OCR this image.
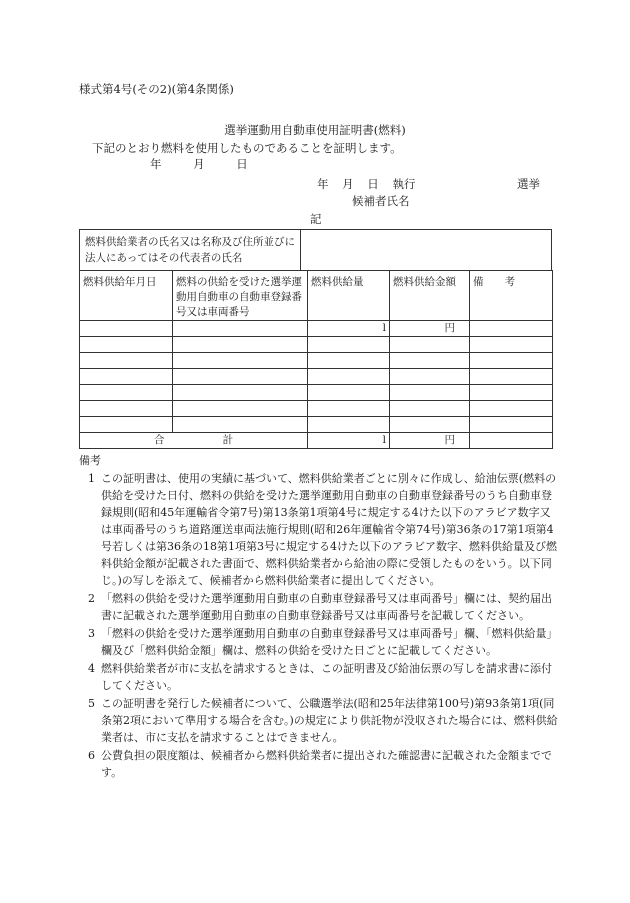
様式第4号(その2)(第4条関係)
選挙運動用自動車使用証明書(燃料)
下記のとおり燃料を使用したものであることを証明します。
年 月 日
年 月 日 執行	選挙
候補者氏名
記
燃料供給業者の氏名又は名称及び住所並びに法人にあってはその代表者の氏名
燃料供給年月日	燃料の供給を受けた選挙運動用自動車の自動車登録番号又は車両番号	燃料供給量	燃料供給金額	備　　考
		l	円	

合 計		l	円	
備考
1 この証明書は、使用の実績に基づいて、燃料供給業者ごとに別々に作成し、給油伝票(燃料の供給を受けた日付、燃料の供給を受けた選挙運動用自動車の自動車登録番号のうち自動車登録規則(昭和45年運輸省令第7号)第13条第1項第4号に規定する4けた以下のアラビア数字又は車両番号のうち道路運送車両法施行規則(昭和26年運輸省令第74号)第36条の17第1項第4号若しくは第36条の18第1項第3号に規定する4けた以下のアラビア数字、燃料供給量及び燃料供給金額が記載された書面で、燃料供給業者から給油の際に受領したものをいう。以下同じ。)の写しを添えて、候補者から燃料供給業者に提出してください。
2 「燃料の供給を受けた選挙運動用自動車の自動車登録番号又は車両番号」欄には、契約届出書に記載された選挙運動用自動車の自動車登録番号又は車両番号を記載してください。
3 「燃料の供給を受けた選挙運動用自動車の自動車登録番号又は車両番号」欄、「燃料供給量」欄及び「燃料供給金額」欄は、燃料の供給を受けた日ごとに記載してください。
4 燃料供給業者が市に支払を請求するときは、この証明書及び給油伝票の写しを請求書に添付してください。
5 この証明書を発行した候補者について、公職選挙法(昭和25年法律第100号)第93条第1項(同条第2項において準用する場合を含む。)の規定により供託物が没収された場合には、燃料供給業者は、市に支払を請求することはできません。
6 公費負担の限度額は、候補者から燃料供給業者に提出された確認書に記載された金額までです。
